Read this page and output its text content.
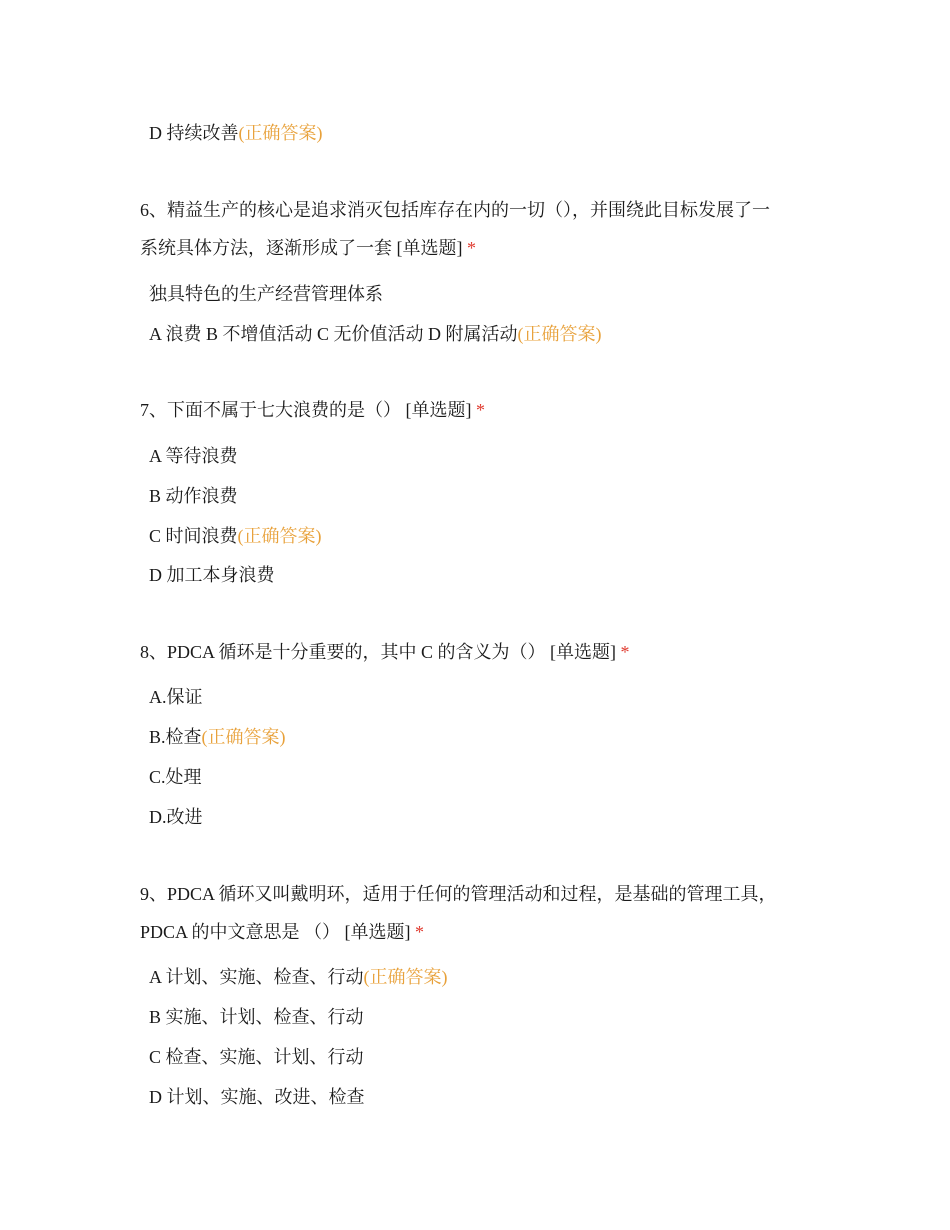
D 持续改善(正确答案)
6、精益生产的核心是追求消灭包括库存在内的一切（），并围绕此目标发展了一
系统具体方法，逐渐形成了一套 [单选题] *
独具特色的生产经营管理体系
A 浪费 B 不增值活动 C 无价值活动 D 附属活动(正确答案)
7、下面不属于七大浪费的是（） [单选题] *
A 等待浪费
B 动作浪费
C 时间浪费(正确答案)
D 加工本身浪费
8、PDCA 循环是十分重要的，其中 C 的含义为（） [单选题] *
A.保证
B.检查(正确答案)
C.处理
D.改进
9、PDCA 循环又叫戴明环，适用于任何的管理活动和过程，是基础的管理工具，
PDCA 的中文意思是 （） [单选题] *
A 计划、实施、检查、行动(正确答案)
B 实施、计划、检查、行动
C 检查、实施、计划、行动
D 计划、实施、改进、检查
